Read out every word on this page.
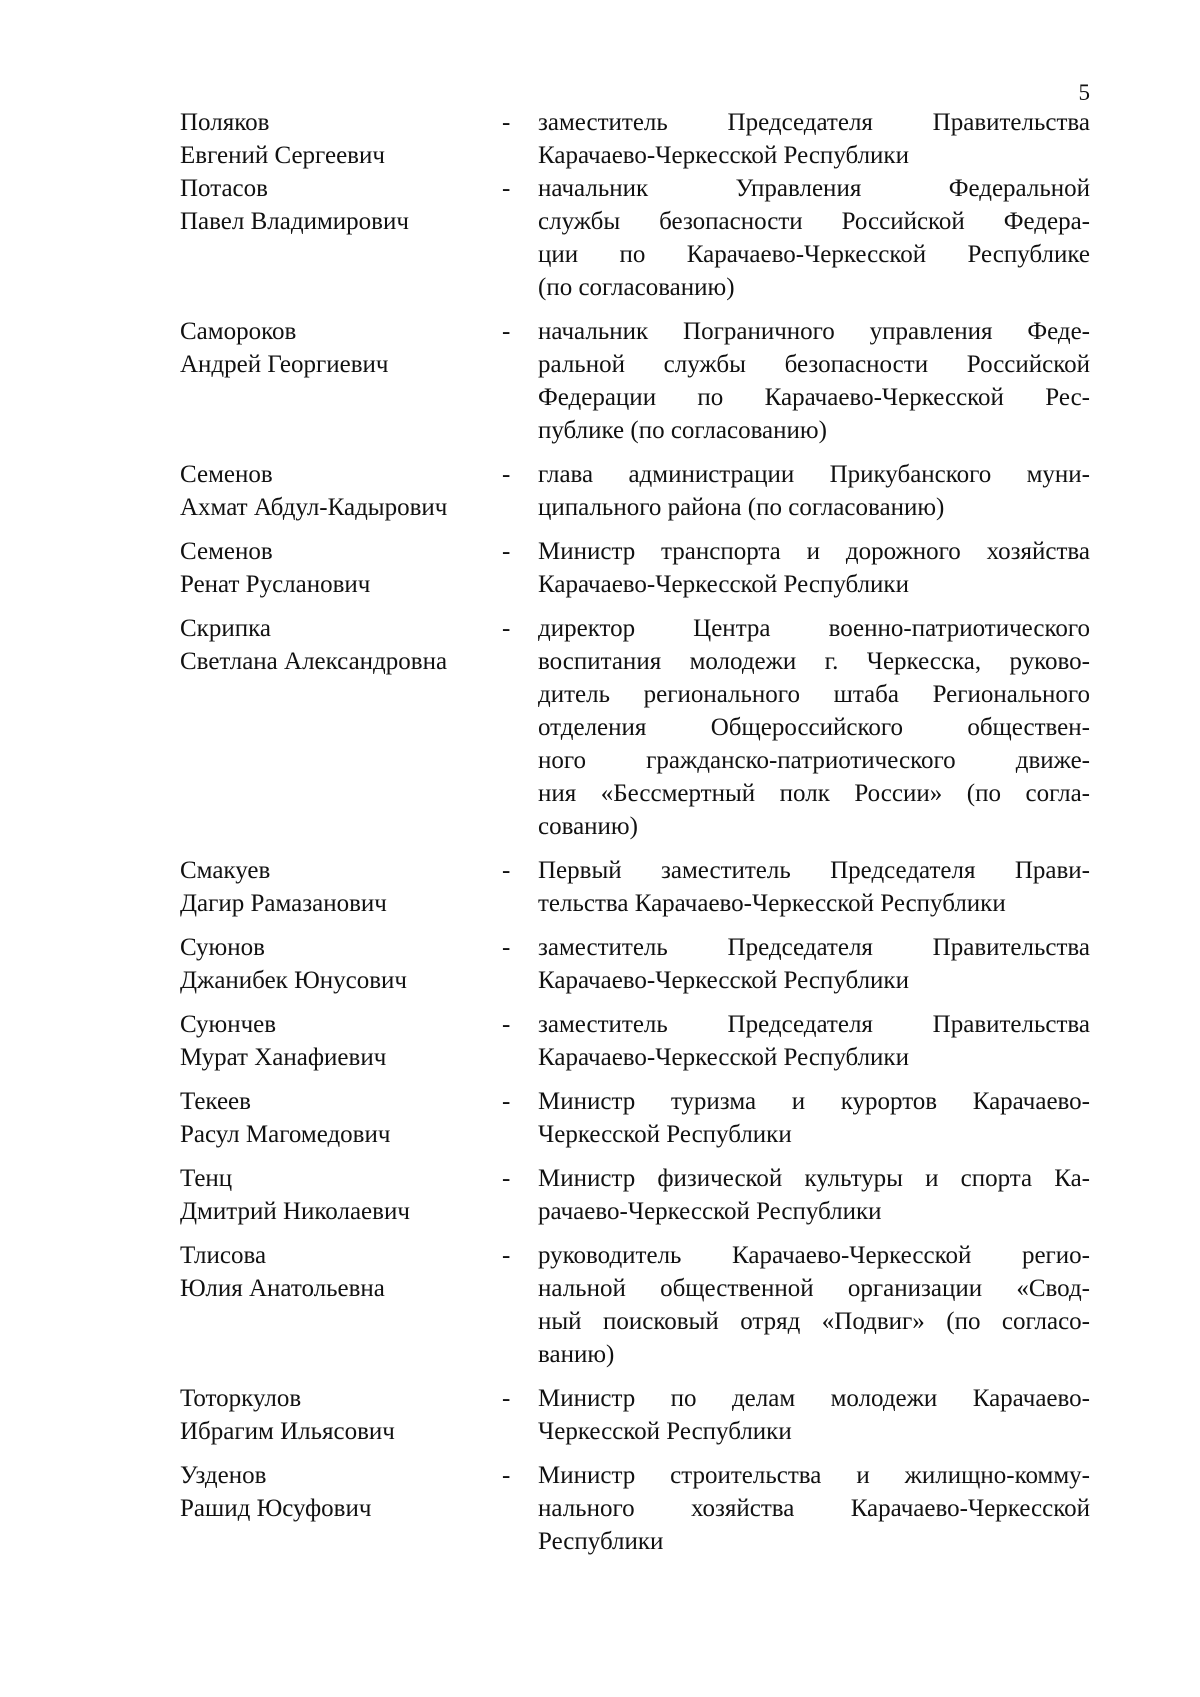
5
Поляков
Евгений Сергеевич
-	заместитель Председателя Правительства
Карачаево-Черкесской Республики
Потасов
Павел Владимирович
-	начальник Управления Федеральной
службы безопасности Российской Федера-
ции по Карачаево-Черкесской Республике
(по согласованию)
Самороков
Андрей Георгиевич
-	начальник Пограничного управления Феде-
ральной службы безопасности Российской
Федерации по Карачаево-Черкесской Рес-
публике (по согласованию)
Семенов
Ахмат Абдул-Кадырович
-	глава администрации Прикубанского муни-
ципального района (по согласованию)
Семенов
Ренат Русланович
-	Министр транспорта и дорожного хозяйства
Карачаево-Черкесской Республики
Скрипка
Светлана Александровна
-	директор Центра военно-патриотического
воспитания молодежи г. Черкесска, руково-
дитель регионального штаба Регионального
отделения Общероссийского обществен-
ного гражданско-патриотического движе-
ния «Бессмертный полк России» (по согла-
сованию)
Смакуев
Дагир Рамазанович
-	Первый заместитель Председателя Прави-
тельства Карачаево-Черкесской Республики
Суюнов
Джанибек Юнусович
-	заместитель Председателя Правительства
Карачаево-Черкесской Республики
Суюнчев
Мурат Ханафиевич
-	заместитель Председателя Правительства
Карачаево-Черкесской Республики
Текеев
Расул Магомедович
-	Министр туризма и курортов Карачаево-
Черкесской Республики
Тенц
Дмитрий Николаевич
-	Министр физической культуры и спорта Ка-
рачаево-Черкесской Республики
Тлисова
Юлия Анатольевна
-	руководитель Карачаево-Черкесской регио-
нальной общественной организации «Свод-
ный поисковый отряд «Подвиг» (по согласо-
ванию)
Тоторкулов
Ибрагим Ильясович
-	Министр по делам молодежи Карачаево-
Черкесской Республики
Узденов
Рашид Юсуфович
-	Министр строительства и жилищно-комму-
нального хозяйства Карачаево-Черкесской
Республики
